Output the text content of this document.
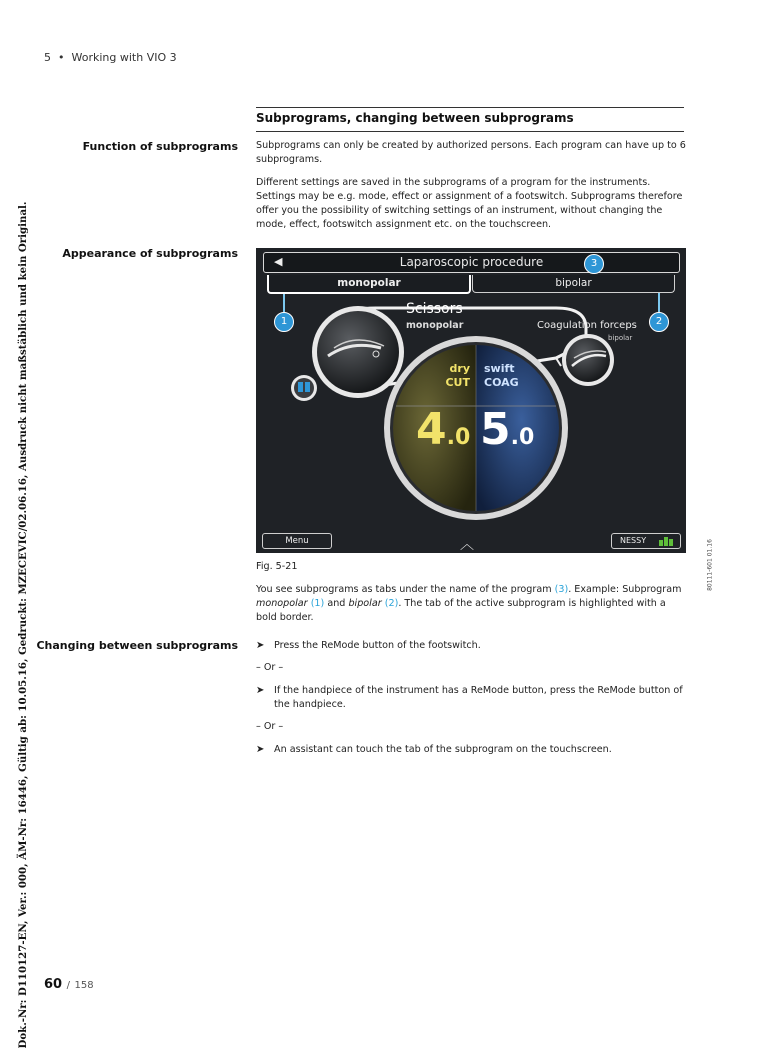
5 • Working with VIO 3
Dok.-Nr: D110127-EN, Ver.: 000, ÄM-Nr: 16446, Gültig ab: 10.05.16, Gedruckt: MZECEVIC/02.06.16, Ausdruck nicht maßstäblich und kein Original.
Subprograms, changing between subprograms
Function of subprograms Subprograms can only be created by authorized persons. Each program can have up to 6 subprograms.

Different settings are saved in the subprograms of a program for the instruments. Settings may be e.g. mode, effect or assignment of a footswitch. Subprograms therefore offer you the possibility of switching settings of an instrument, without changing the mode, effect, footswitch assignment etc. on the touchscreen.

Appearance of subprograms
◀	Laparoscopic procedure
monopolar	bipolar
1	2
3
Scissors
monopolar	Coagulation forceps
bipolar
dry
CUT
swift
COAG
4.0 5.0
Menu	︿	NESSY
Fig. 5-21	80111-601 01.16

You see subprograms as tabs under the name of the program (3). Example: Subprogram monopolar (1) and bipolar (2). The tab of the active subprogram is highlighted with a bold border.

Changing between subprograms ➤ Press the ReMode button of the footswitch.
– Or –
➤ If the handpiece of the instrument has a ReMode button, press the ReMode button of the handpiece.
– Or –
➤ An assistant can touch the tab of the subprogram on the touchscreen.
60 / 158
